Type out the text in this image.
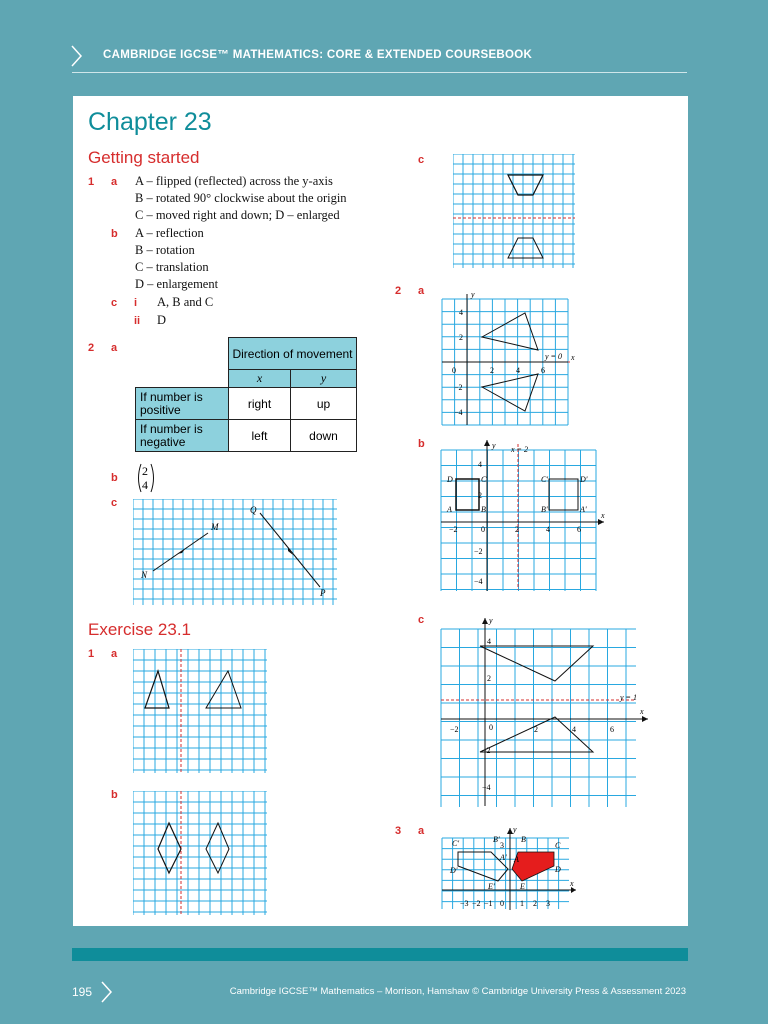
CAMBRIDGE IGCSE™ MATHEMATICS: CORE & EXTENDED COURSEBOOK
Chapter 23
Getting started
1 a A – flipped (reflected) across the y-axis
B – rotated 90° clockwise about the origin
C – moved right and down; D – enlarged
b A – reflection
B – rotation
C – translation
D – enlargement
c i A, B and C
ii D
2 a
		Direction of movement	
	x	y
If number is positive	right	up
If number is negative	left	down
b 2
4
c
M
N
Q
P
Exercise 23.1
1 a
b
c
2 a	y
x
y = 0
0	2	4	6
4
2
−2
−4
b	y
x
x = 2
0
−2	2	4	6
4
2
−2
−4
D	C
A	B
C'	D'
B'	A'
c	y
x
y = 1
0
−2	2	4	6
4
2
−2
−4
3 a	y
x
−3 −2 −1 0 1 2 3
3
C'	B'	B
C
A' A
D'	D
E'	E
195	Cambridge IGCSE™ Mathematics – Morrison, Hamshaw © Cambridge University Press & Assessment 2023
